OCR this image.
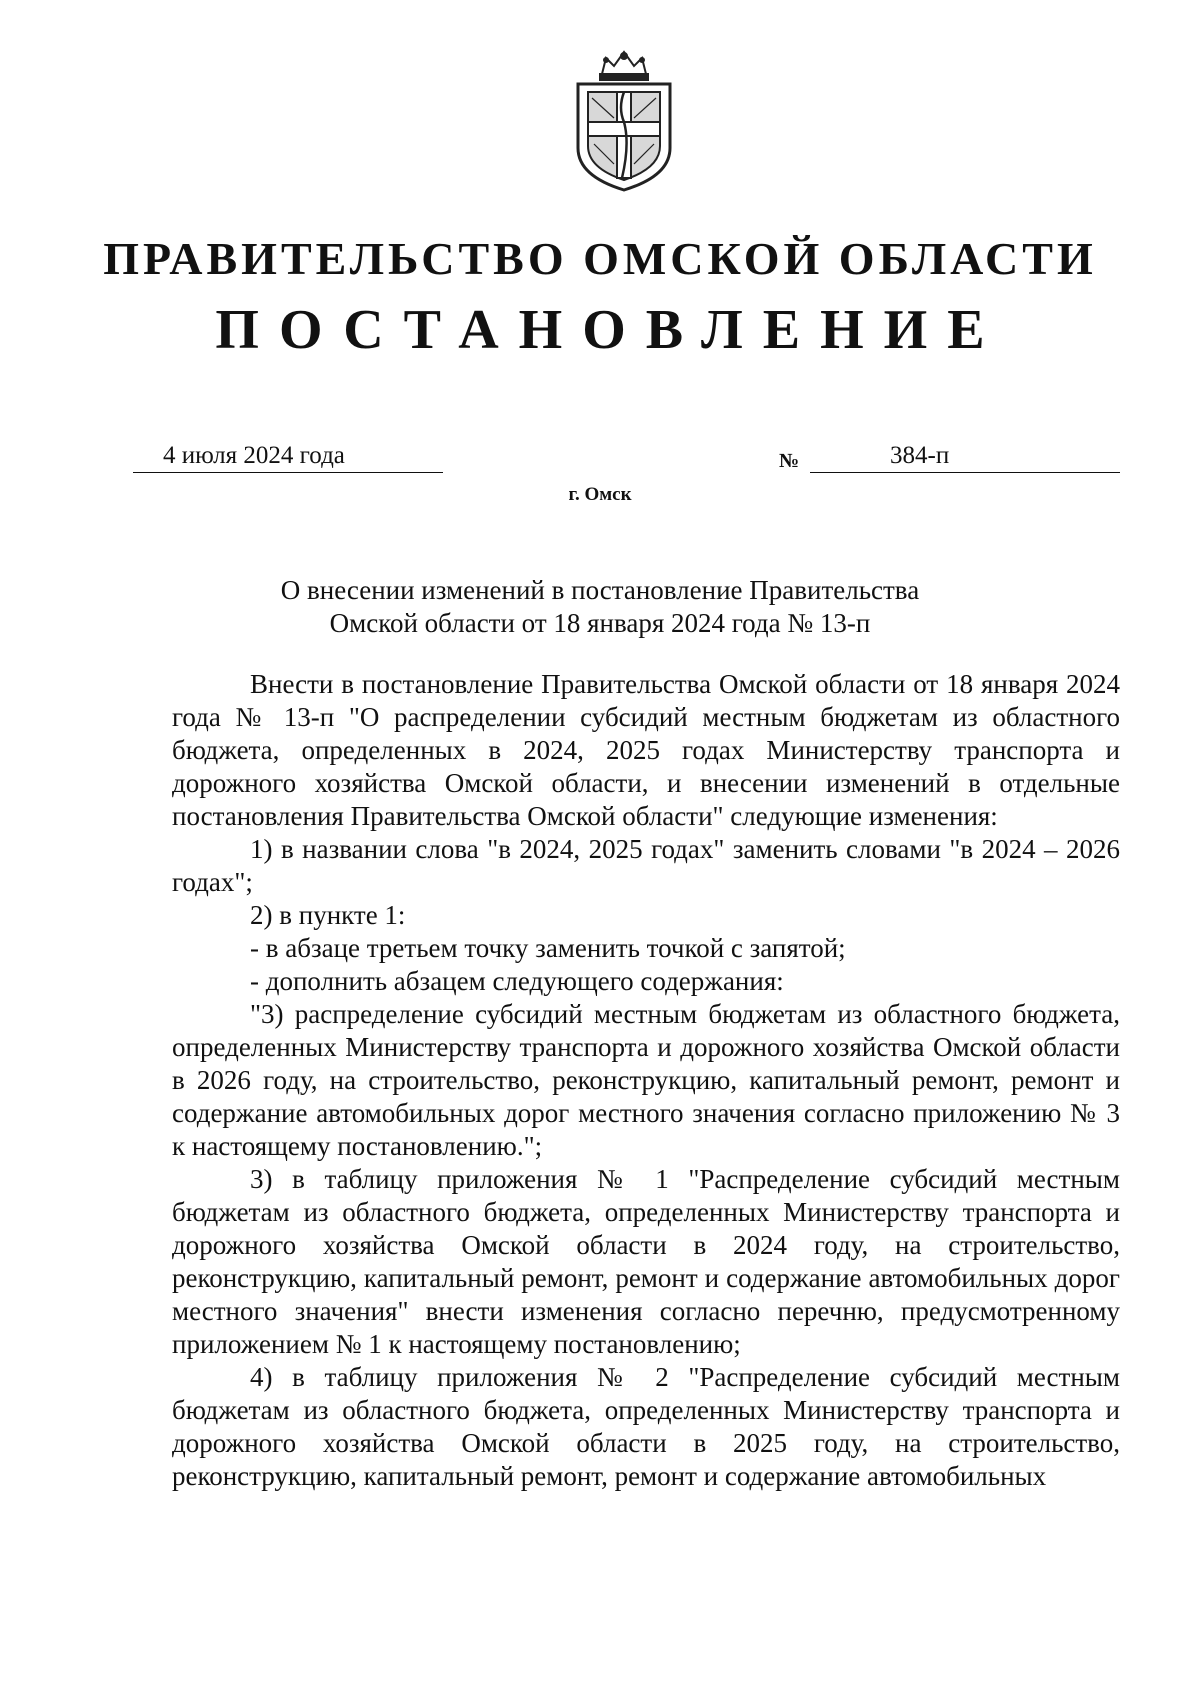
ПРАВИТЕЛЬСТВО ОМСКОЙ ОБЛАСТИ
ПОСТАНОВЛЕНИЕ
4 июля 2024 года	№	384-п
г. Омск
О внесении изменений в постановление Правительства
Омской области от 18 января 2024 года № 13-п

Внести в постановление Правительства Омской области от 18 января 2024 года № 13-п "О распределении субсидий местным бюджетам из областного бюджета, определенных в 2024, 2025 годах Министерству транспорта и дорожного хозяйства Омской области, и внесении изменений в отдельные постановления Правительства Омской области" следующие изменения:

1) в названии слова "в 2024, 2025 годах" заменить словами "в 2024 – 2026 годах";

2) в пункте 1:

- в абзаце третьем точку заменить точкой с запятой;

- дополнить абзацем следующего содержания:

"3) распределение субсидий местным бюджетам из областного бюджета, определенных Министерству транспорта и дорожного хозяйства Омской области в 2026 году, на строительство, реконструкцию, капитальный ремонт, ремонт и содержание автомобильных дорог местного значения согласно приложению № 3 к настоящему постановлению.";

3) в таблицу приложения № 1 "Распределение субсидий местным бюджетам из областного бюджета, определенных Министерству транспорта и дорожного хозяйства Омской области в 2024 году, на строительство, реконструкцию, капитальный ремонт, ремонт и содержание автомобильных дорог местного значения" внести изменения согласно перечню, предусмотренному приложением № 1 к настоящему постановлению;

4) в таблицу приложения № 2 "Распределение субсидий местным бюджетам из областного бюджета, определенных Министерству транспорта и дорожного хозяйства Омской области в 2025 году, на строительство, реконструкцию, капитальный ремонт, ремонт и содержание автомобильных
